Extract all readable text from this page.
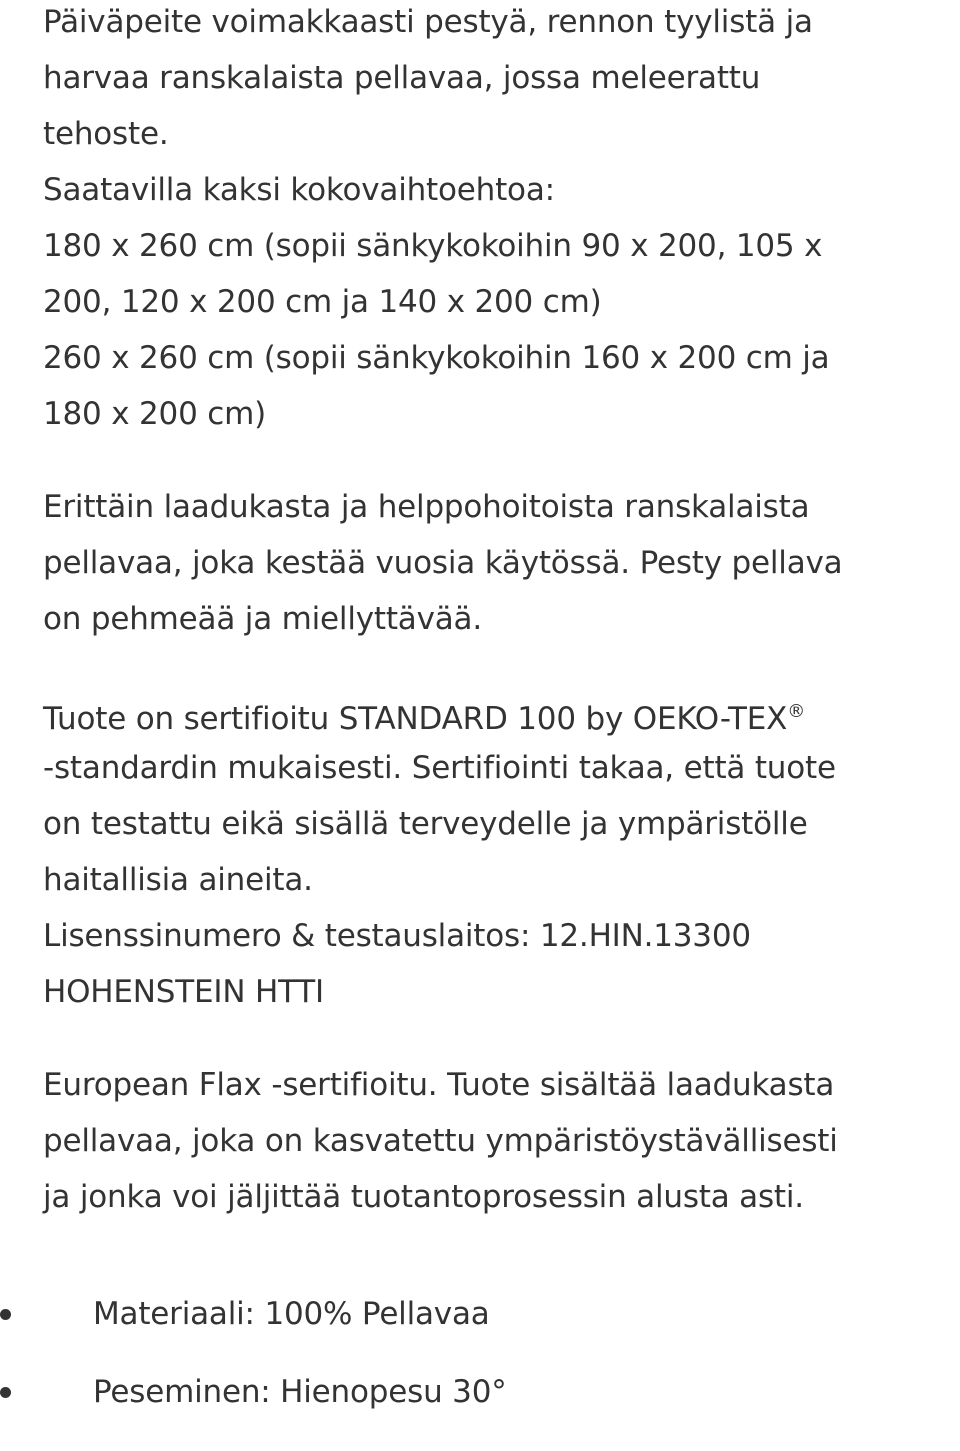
Päiväpeite voimakkaasti pestyä, rennon tyylistä ja
harvaa ranskalaista pellavaa, jossa meleerattu
tehoste.
Saatavilla kaksi kokovaihtoehtoa:
180 x 260 cm (sopii sänkykokoihin 90 x 200, 105 x
200, 120 x 200 cm ja 140 x 200 cm)
260 x 260 cm (sopii sänkykokoihin 160 x 200 cm ja
180 x 200 cm)
Erittäin laadukasta ja helppohoitoista ranskalaista
pellavaa, joka kestää vuosia käytössä. Pesty pellava
on pehmeää ja miellyttävää.
Tuote on sertifioitu STANDARD 100 by OEKO-TEX®
-standardin mukaisesti. Sertifiointi takaa, että tuote
on testattu eikä sisällä terveydelle ja ympäristölle
haitallisia aineita.
Lisenssinumero & testauslaitos: 12.HIN.13300
HOHENSTEIN HTTI
European Flax -sertifioitu. Tuote sisältää laadukasta
pellavaa, joka on kasvatettu ympäristöystävällisesti
ja jonka voi jäljittää tuotantoprosessin alusta asti.
Materiaali: 100% Pellavaa
Peseminen: Hienopesu 30°
